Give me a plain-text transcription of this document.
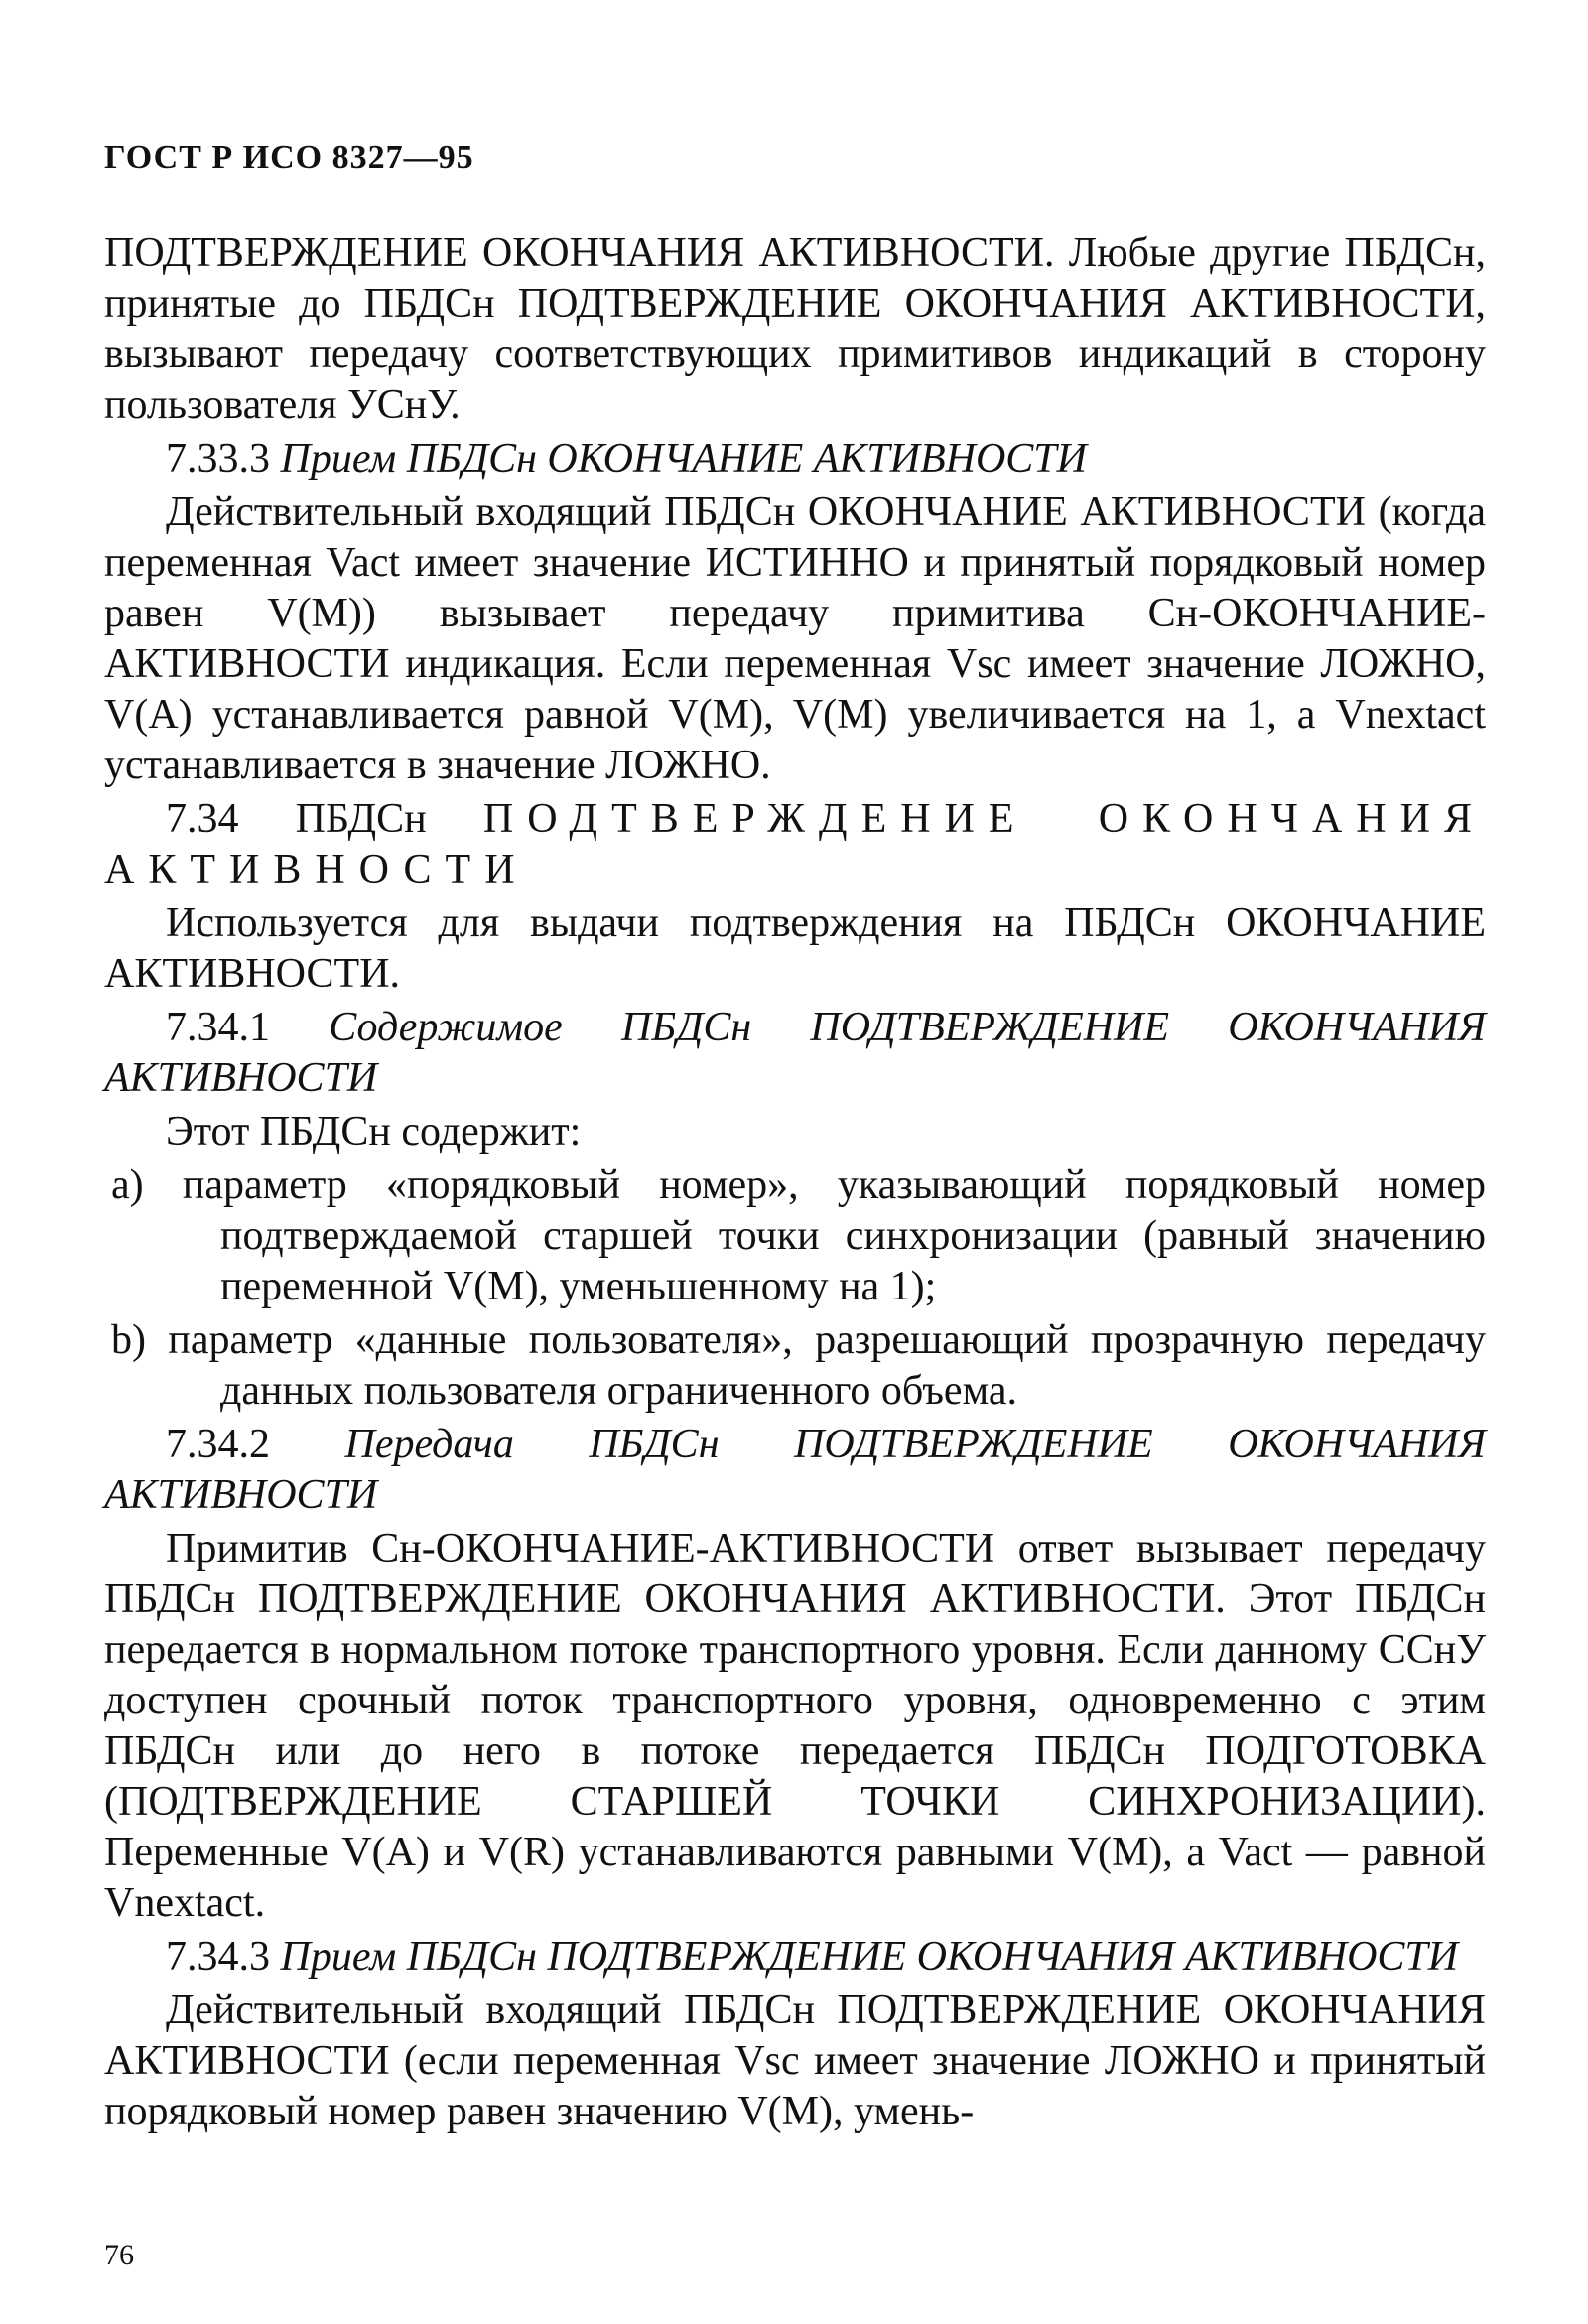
ГОСТ Р ИСО 8327—95

ПОДТВЕРЖДЕНИЕ ОКОНЧАНИЯ АКТИВНОСТИ. Любые другие ПБДСн, принятые до ПБДСн ПОДТВЕРЖДЕНИЕ ОКОНЧАНИЯ АКТИВНОСТИ, вызывают передачу соответствующих примитивов индикаций в сторону пользователя УСнУ.

7.33.3 Прием ПБДСн ОКОНЧАНИЕ АКТИВНОСТИ

Действительный входящий ПБДСн ОКОНЧАНИЕ АКТИВНОСТИ (когда переменная Vact имеет значение ИСТИННО и принятый порядковый номер равен V(M)) вызывает передачу примитива Сн-ОКОНЧАНИЕ-АКТИВНОСТИ индикация. Если переменная Vsc имеет значение ЛОЖНО, V(A) устанавливается равной V(M), V(M) увеличивается на 1, а Vnextact устанавливается в значение ЛОЖНО.

7.34 ПБДСн ПОДТВЕРЖДЕНИЕ ОКОНЧАНИЯ АКТИВНОСТИ

Используется для выдачи подтверждения на ПБДСн ОКОНЧАНИЕ АКТИВНОСТИ.

7.34.1 Содержимое ПБДСн ПОДТВЕРЖДЕНИЕ ОКОНЧАНИЯ АКТИВНОСТИ

Этот ПБДСн содержит:

a) параметр «порядковый номер», указывающий порядковый номер подтверждаемой старшей точки синхронизации (равный значению переменной V(M), уменьшенному на 1);

b) параметр «данные пользователя», разрешающий прозрачную передачу данных пользователя ограниченного объема.

7.34.2 Передача ПБДСн ПОДТВЕРЖДЕНИЕ ОКОНЧАНИЯ АКТИВНОСТИ

Примитив Сн-ОКОНЧАНИЕ-АКТИВНОСТИ ответ вызывает передачу ПБДСн ПОДТВЕРЖДЕНИЕ ОКОНЧАНИЯ АКТИВНОСТИ. Этот ПБДСн передается в нормальном потоке транспортного уровня. Если данному ССнУ доступен срочный поток транспортного уровня, одновременно с этим ПБДСн или до него в потоке передается ПБДСн ПОДГОТОВКА (ПОДТВЕРЖДЕНИЕ СТАРШЕЙ ТОЧКИ СИНХРОНИЗАЦИИ). Переменные V(A) и V(R) устанавливаются равными V(M), а Vact — равной Vnextact.

7.34.3 Прием ПБДСн ПОДТВЕРЖДЕНИЕ ОКОНЧАНИЯ АКТИВНОСТИ

Действительный входящий ПБДСн ПОДТВЕРЖДЕНИЕ ОКОНЧАНИЯ АКТИВНОСТИ (если переменная Vsc имеет значение ЛОЖНО и принятый порядковый номер равен значению V(M), умень-

76
